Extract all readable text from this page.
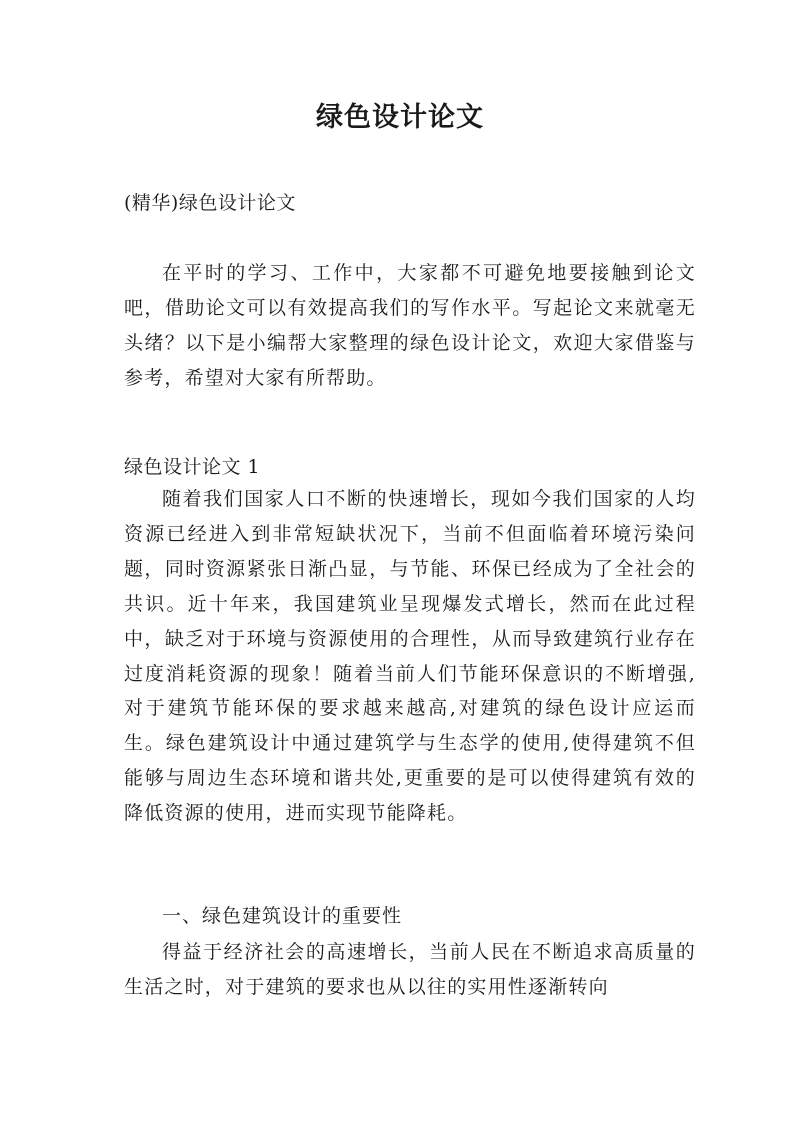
绿色设计论文
(精华)绿色设计论文

在平时的学习、工作中，大家都不可避免地要接触到论文吧，借助论文可以有效提高我们的写作水平。写起论文来就毫无头绪？以下是小编帮大家整理的绿色设计论文，欢迎大家借鉴与参考，希望对大家有所帮助。

绿色设计论文 1

随着我们国家人口不断的快速增长，现如今我们国家的人均资源已经进入到非常短缺状况下，当前不但面临着环境污染问题，同时资源紧张日渐凸显，与节能、环保已经成为了全社会的共识。近十年来，我国建筑业呈现爆发式增长，然而在此过程中，缺乏对于环境与资源使用的合理性，从而导致建筑行业存在过度消耗资源的现象！随着当前人们节能环保意识的不断增强,对于建筑节能环保的要求越来越高,对建筑的绿色设计应运而生。绿色建筑设计中通过建筑学与生态学的使用,使得建筑不但能够与周边生态环境和谐共处,更重要的是可以使得建筑有效的降低资源的使用，进而实现节能降耗。

一、绿色建筑设计的重要性

得益于经济社会的高速增长，当前人民在不断追求高质量的生活之时，对于建筑的要求也从以往的实用性逐渐转向
